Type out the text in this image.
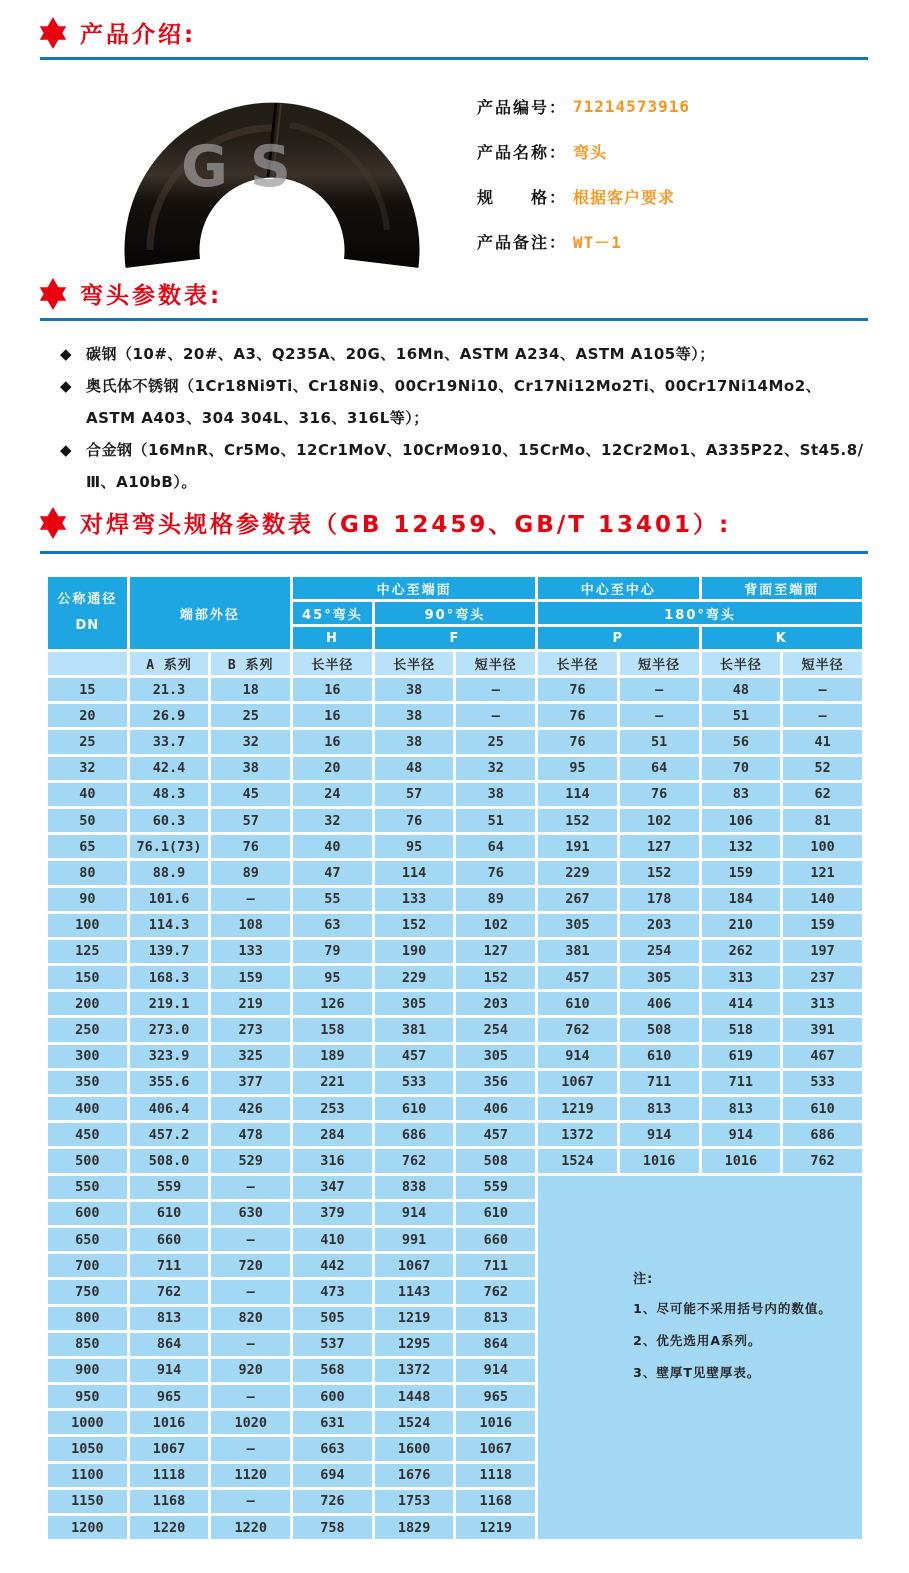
产品介绍:
GS
产品编号： 71214573916
产品名称： 弯头
规　　格： 根据客户要求
产品备注： WT－1
弯头参数表:
◆ 碳钢（10#、20#、A3、Q235A、20G、16Mn、ASTM A234、ASTM A105等）；
◆ 奥氏体不锈钢（1Cr18Ni9Ti、Cr18Ni9、00Cr19Ni10、Cr17Ni12Mo2Ti、00Cr17Ni14Mo2、ASTM A403、304 304L、316、316L等）；
◆ 合金钢（16MnR、Cr5Mo、12Cr1MoV、10CrMo910、15CrMo、12Cr2Mo1、A335P22、St45.8/Ⅲ、A10bB）。
对焊弯头规格参数表（GB 12459、GB/T 13401）:
公称通径
DN	端部外径		中心至端面			中心至中心		背面至端面	
			45°弯头	90°弯头		180°弯头			
			H	F		P		K	
	A 系列	B 系列	长半径	长半径	短半径	长半径	短半径	长半径	短半径
15	21.3	18	16	38	—	76	—	48	—
20	26.9	25	16	38	—	76	—	51	—
25	33.7	32	16	38	25	76	51	56	41
32	42.4	38	20	48	32	95	64	70	52
40	48.3	45	24	57	38	114	76	83	62
50	60.3	57	32	76	51	152	102	106	81
65	76.1(73)	76	40	95	64	191	127	132	100
80	88.9	89	47	114	76	229	152	159	121
90	101.6	—	55	133	89	267	178	184	140
100	114.3	108	63	152	102	305	203	210	159
125	139.7	133	79	190	127	381	254	262	197
150	168.3	159	95	229	152	457	305	313	237
200	219.1	219	126	305	203	610	406	414	313
250	273.0	273	158	381	254	762	508	518	391
300	323.9	325	189	457	305	914	610	619	467
350	355.6	377	221	533	356	1067	711	711	533
400	406.4	426	253	610	406	1219	813	813	610
450	457.2	478	284	686	457	1372	914	914	686
500	508.0	529	316	762	508	1524	1016	1016	762
550	559	—	347	838	559	注:
1、尽可能不采用括号内的数值。
2、优先选用A系列。
3、壁厚T见壁厚表。			

600	610	630	379	914	610				
650	660	—	410	991	660				
700	711	720	442	1067	711				
750	762	—	473	1143	762				
800	813	820	505	1219	813				
850	864	—	537	1295	864				
900	914	920	568	1372	914				
950	965	—	600	1448	965				
1000	1016	1020	631	1524	1016				
1050	1067	—	663	1600	1067				
1100	1118	1120	694	1676	1118				
1150	1168	—	726	1753	1168				
1200	1220	1220	758	1829	1219				
